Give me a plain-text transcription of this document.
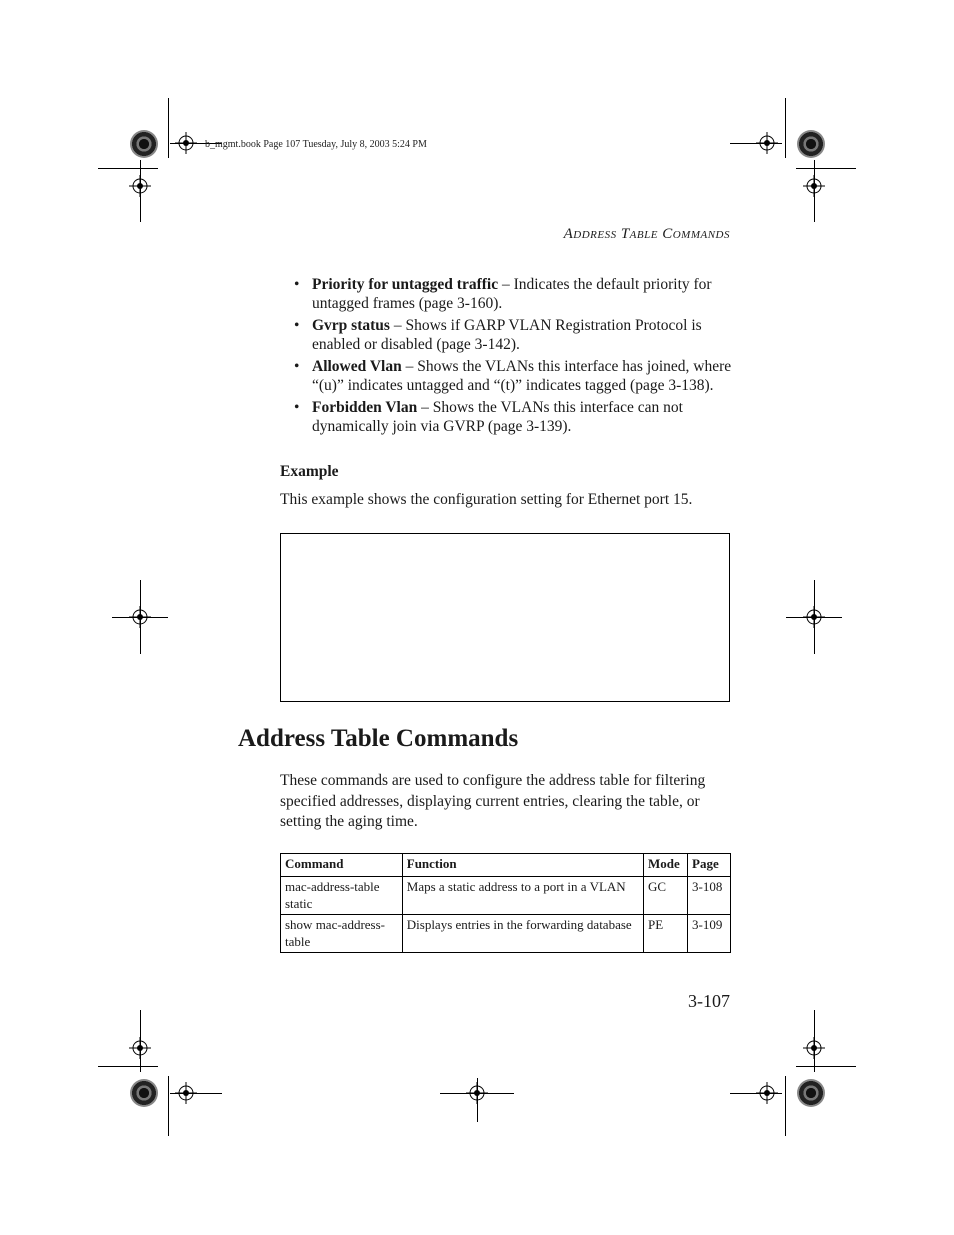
b_mgmt.book Page 107 Tuesday, July 8, 2003 5:24 PM
ADDRESS TABLE COMMANDS
• Priority for untagged traffic – Indicates the default priority for untagged frames (page 3-160).
• Gvrp status – Shows if GARP VLAN Registration Protocol is enabled or disabled (page 3-142).
• Allowed Vlan – Shows the VLANs this interface has joined, where “(u)” indicates untagged and “(t)” indicates tagged (page 3-138).
• Forbidden Vlan – Shows the VLANs this interface can not dynamically join via GVRP (page 3-139).
Example
This example shows the configuration setting for Ethernet port 15.
Address Table Commands
These commands are used to configure the address table for filtering specified addresses, displaying current entries, clearing the table, or setting the aging time.
Command	Function	Mode	Page
mac-address-table static	Maps a static address to a port in a VLAN	GC	3-108
show mac-address-table	Displays entries in the forwarding database	PE	3-109
3-107
